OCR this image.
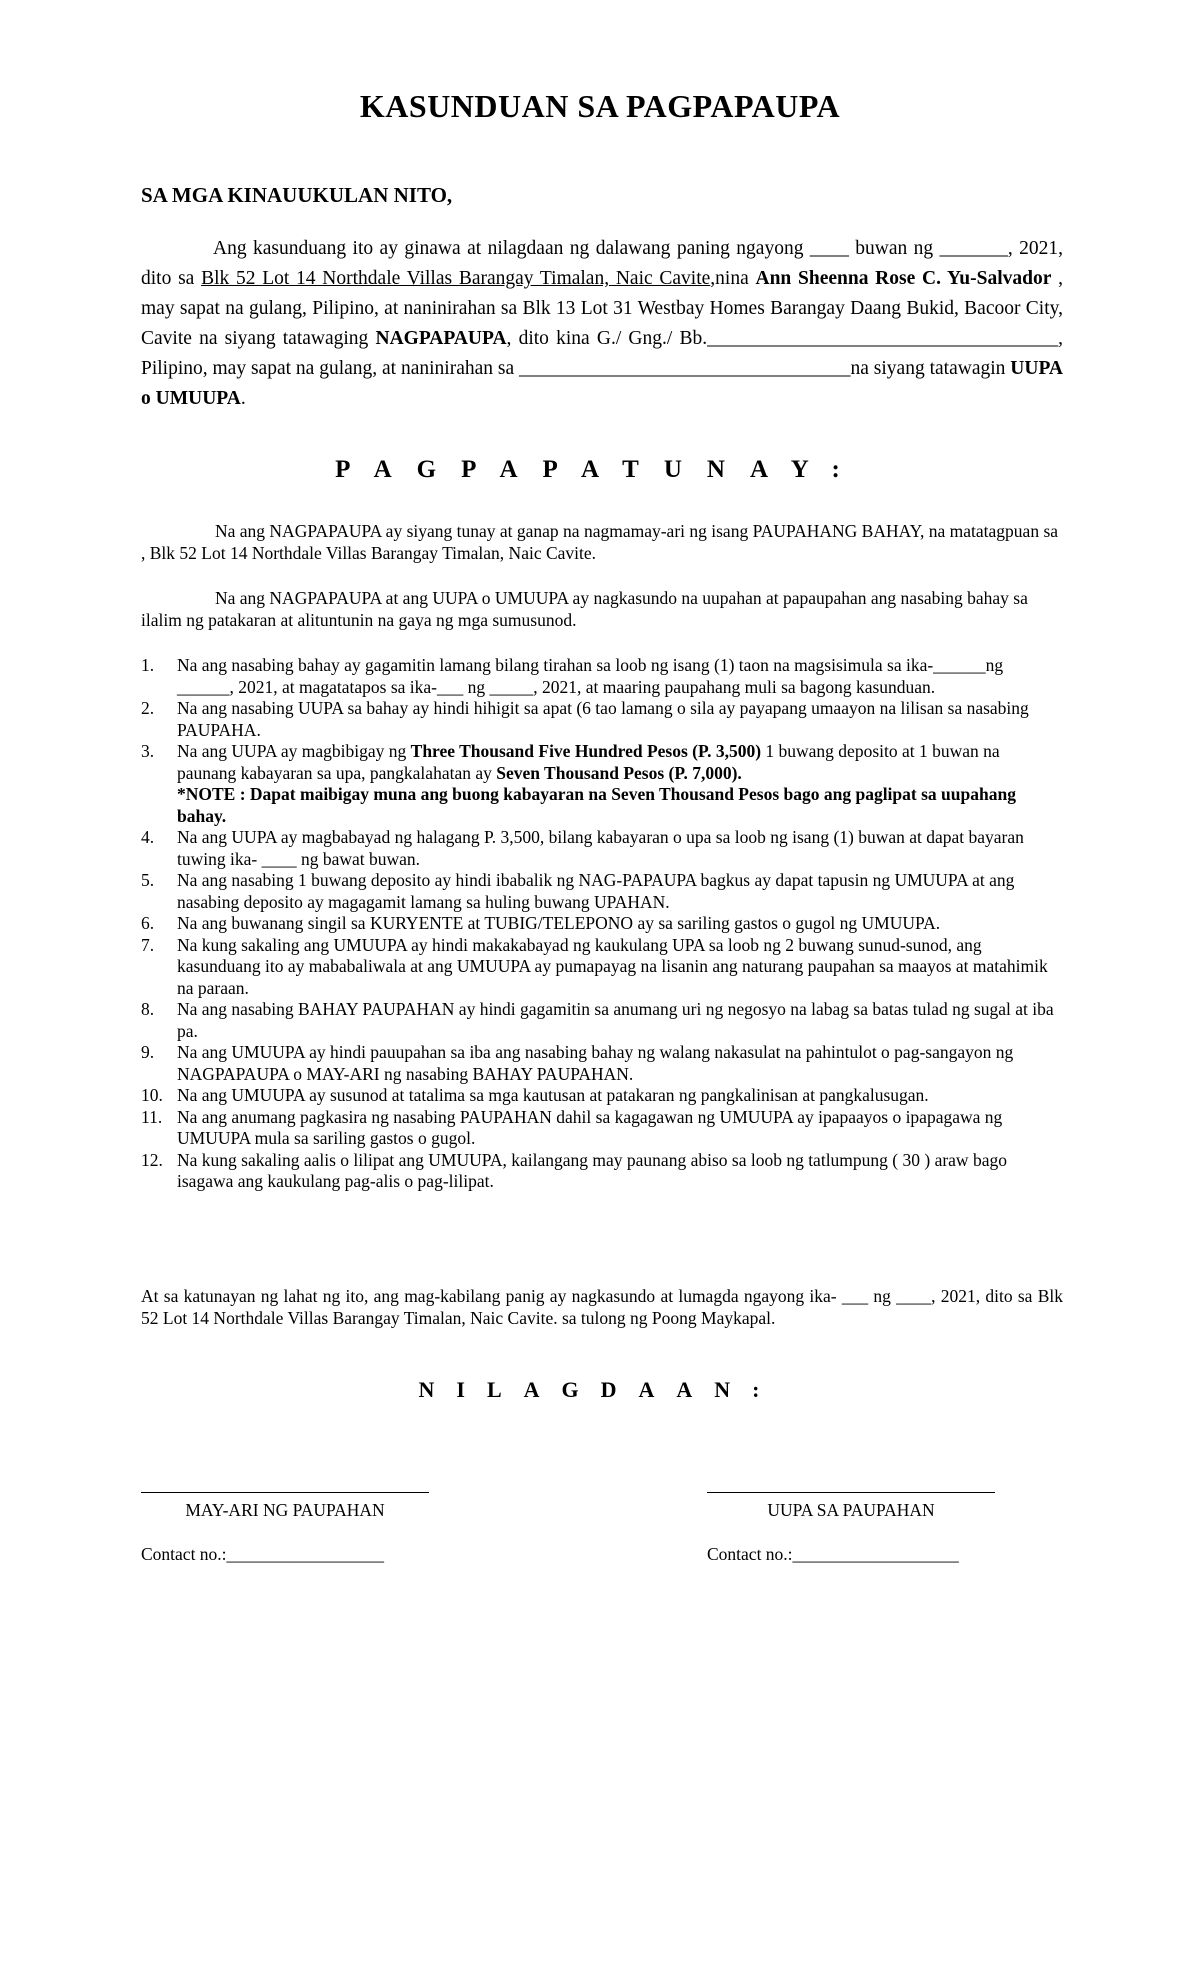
KASUNDUAN SA PAGPAPAUPA
SA MGA KINAUUKULAN NITO,

Ang kasunduang ito ay ginawa at nilagdaan ng dalawang paning ngayong ____ buwan ng _______, 2021, dito sa Blk 52 Lot 14 Northdale Villas Barangay Timalan, Naic Cavite,nina Ann Sheenna Rose C. Yu-Salvador , may sapat na gulang, Pilipino, at naninirahan sa Blk 13 Lot 31 Westbay Homes Barangay Daang Bukid, Bacoor City, Cavite na siyang tatawaging NAGPAPAUPA, dito kina G./ Gng./ Bb.____________________________________, Pilipino, may sapat na gulang, at naninirahan sa __________________________________na siyang tatawagin UUPA o UMUUPA.

PAGPAPATUNAY:

Na ang NAGPAPAUPA ay siyang tunay at ganap na nagmamay-ari ng isang PAUPAHANG BAHAY, na matatagpuan sa , Blk 52 Lot 14 Northdale Villas Barangay Timalan, Naic Cavite.

Na ang NAGPAPAUPA at ang UUPA o UMUUPA ay nagkasundo na uupahan at papaupahan ang nasabing bahay sa ilalim ng patakaran at alituntunin na gaya ng mga sumusunod.

1.	Na ang nasabing bahay ay gagamitin lamang bilang tirahan sa loob ng isang (1) taon na magsisimula sa ika-______ng ______, 2021, at magatatapos sa ika-___ ng _____, 2021, at maaring paupahang muli sa bagong kasunduan.
2.	Na ang nasabing UUPA sa bahay ay hindi hihigit sa apat (6 tao lamang o sila ay payapang umaayon na lilisan sa nasabing PAUPAHA.
3.	Na ang UUPA ay magbibigay ng Three Thousand Five Hundred Pesos (P. 3,500) 1 buwang deposito at 1 buwan na paunang kabayaran sa upa, pangkalahatan ay Seven Thousand Pesos (P. 7,000).
*NOTE : Dapat maibigay muna ang buong kabayaran na Seven Thousand Pesos bago ang paglipat sa uupahang bahay.
4.	Na ang UUPA ay magbabayad ng halagang P. 3,500, bilang kabayaran o upa sa loob ng isang (1) buwan at dapat bayaran tuwing ika- ____ ng bawat buwan.
5.	Na ang nasabing 1 buwang deposito ay hindi ibabalik ng NAG-PAPAUPA bagkus ay dapat tapusin ng UMUUPA at ang nasabing deposito ay magagamit lamang sa huling buwang UPAHAN.
6.	Na ang buwanang singil sa KURYENTE at TUBIG/TELEPONO ay sa sariling gastos o gugol ng UMUUPA.
7.	Na kung sakaling ang UMUUPA ay hindi makakabayad ng kaukulang UPA sa loob ng 2 buwang sunud-sunod, ang kasunduang ito ay mababaliwala at ang UMUUPA ay pumapayag na lisanin ang naturang paupahan sa maayos at matahimik na paraan.
8.	Na ang nasabing BAHAY PAUPAHAN ay hindi gagamitin sa anumang uri ng negosyo na labag sa batas tulad ng sugal at iba pa.
9.	Na ang UMUUPA ay hindi pauupahan sa iba ang nasabing bahay ng walang nakasulat na pahintulot o pag-sangayon ng NAGPAPAUPA o MAY-ARI ng nasabing BAHAY PAUPAHAN.
10. Na ang UMUUPA ay susunod at tatalima sa mga kautusan at patakaran ng pangkalinisan at pangkalusugan.
11. Na ang anumang pagkasira ng nasabing PAUPAHAN dahil sa kagagawan ng UMUUPA ay ipapaayos o ipapagawa ng UMUUPA mula sa sariling gastos o gugol.
12. Na kung sakaling aalis o lilipat ang UMUUPA, kailangang may paunang abiso sa loob ng tatlumpung ( 30 ) araw bago isagawa ang kaukulang pag-alis o pag-lilipat.
At sa katunayan ng lahat ng ito, ang mag-kabilang panig ay nagkasundo at lumagda ngayong ika- ___ ng ____, 2021, dito sa Blk 52 Lot 14 Northdale Villas Barangay Timalan, Naic Cavite. sa tulong ng Poong Maykapal.
NILAGDAAN:
MAY-ARI NG PAUPAHAN	UUPA SA PAUPAHAN
Contact no.:__________________	Contact no.:___________________
